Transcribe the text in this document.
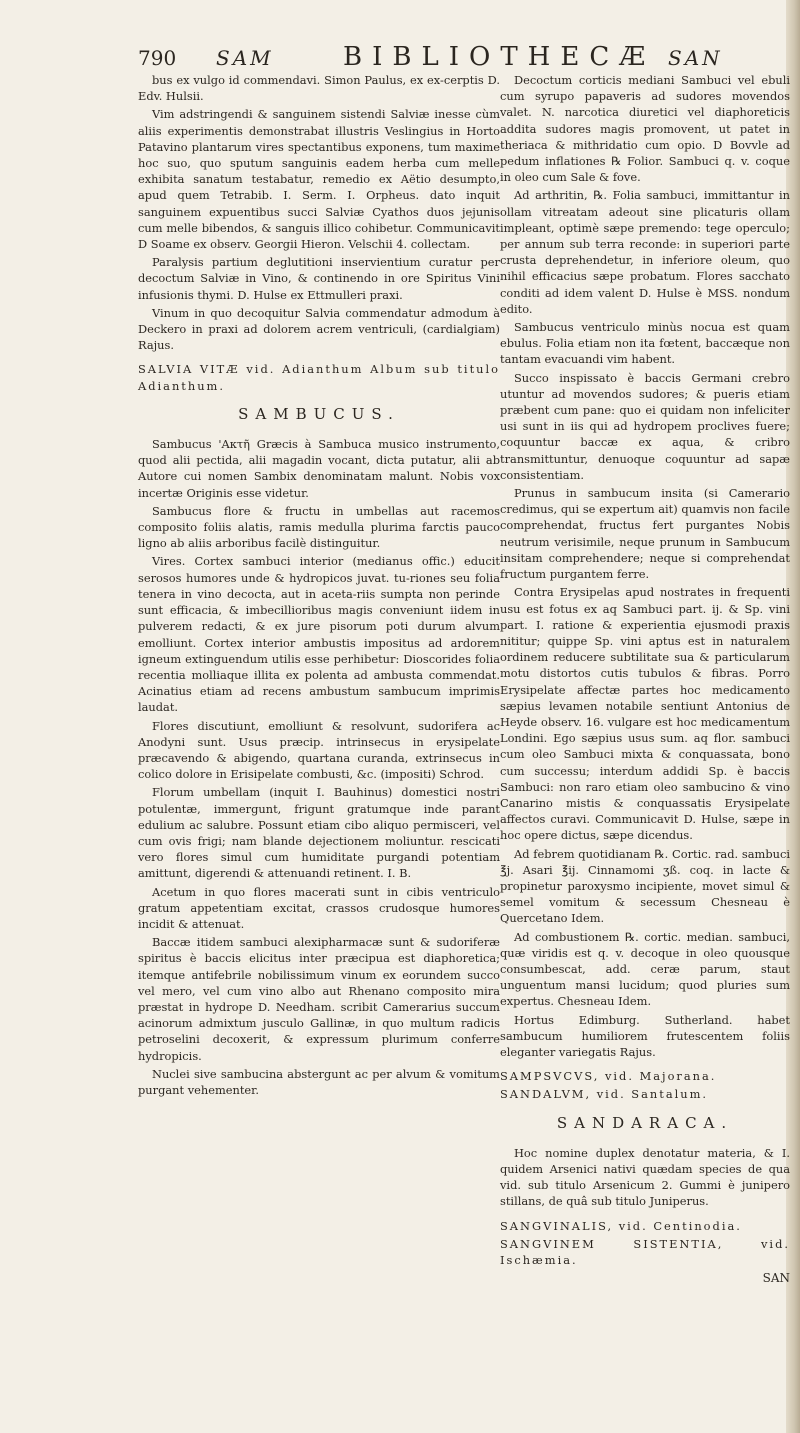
790 SAM	BIBLIOTHECÆ SAN

bus ex vulgo id commendavi. Simon Paulus, ex ex-cerptis D. Edv. Hulsii.

Vim adstringendi & sanguinem sistendi Salviæ inesse cùm aliis experimentis demonstrabat illustris Veslingius in Horto Patavino plantarum vires spectantibus exponens, tum maxime hoc suo, quo sputum sanguinis eadem herba cum melle exhibita sanatum testabatur, remedio ex Aëtio desumpto, apud quem Tetrabib. I. Serm. I. Orpheus. dato inquit sanguinem expuentibus succi Salviæ Cyathos duos jejunis cum melle bibendos, & sanguis illico cohibetur. Communicavit D Soame ex observ. Georgii Hieron. Velschii 4. collectam.

Paralysis partium deglutitioni inservientium curatur per decoctum Salviæ in Vino, & continendo in ore Spiritus Vini infusionis thymi. D. Hulse ex Ettmulleri praxi.

Vinum in quo decoquitur Salvia commendatur admodum à Deckero in praxi ad dolorem acrem ventriculi, (cardialgiam) Rajus.

SALVIA VITÆ vid. Adianthum Album sub titulo Adianthum.

SAMBUCUS.

Sambucus 'Ακτῆ Græcis à Sambuca musico instrumento, quod alii pectida, alii magadin vocant, dicta putatur, alii ab Autore cui nomen Sambix denominatam malunt. Nobis vox incertæ Originis esse videtur.

Sambucus flore & fructu in umbellas aut racemos composito foliis alatis, ramis medulla plurima farctis pauco ligno ab aliis arboribus facilè distinguitur.

Vires. Cortex sambuci interior (medianus offic.) educit serosos humores unde & hydropicos juvat. tu-riones seu folia tenera in vino decocta, aut in aceta-riis sumpta non perinde sunt efficacia, & imbecillioribus magis conveniunt iidem in pulverem redacti, & ex jure pisorum poti durum alvum emolliunt. Cortex interior ambustis impositus ad ardorem igneum extinguendum utilis esse perhibetur: Dioscorides folia recentia molliaque illita ex polenta ad ambusta commendat. Acinatius etiam ad recens ambustum sambucum imprimis laudat.

Flores discutiunt, emolliunt & resolvunt, sudorifera ac Anodyni sunt. Usus præcip. intrinsecus in erysipelate præcavendo & abigendo, quartana curanda, extrinsecus in colico dolore in Erisipelate combusti, &c. (impositi) Schrod.

Florum umbellam (inquit I. Bauhinus) domestici nostri potulentæ, immergunt, frigunt gratumque inde parant edulium ac salubre. Possunt etiam cibo aliquo permisceri, vel cum ovis frigi; nam blande dejectionem moliuntur. rescicati vero flores simul cum humiditate purgandi potentiam amittunt, digerendi & attenuandi retinent. I. B.

Acetum in quo flores macerati sunt in cibis ventriculo gratum appetentiam excitat, crassos crudosque humores incidit & attenuat.

Baccæ itidem sambuci alexipharmacæ sunt & sudoriferæ spiritus è baccis elicitus inter præcipua est diaphoretica; itemque antifebrile nobilissimum vinum ex eorundem succo vel mero, vel cum vino albo aut Rhenano composito mira præstat in hydrope D. Needham. scribit Camerarius succum acinorum admixtum jusculo Gallinæ, in quo multum radicis petroselini decoxerit, & expressum plurimum conferre hydropicis.

Nuclei sive sambucina abstergunt ac per alvum & vomitum purgant vehementer.

Decoctum corticis mediani Sambuci vel ebuli cum syrupo papaveris ad sudores movendos valet. N. narcotica diuretici vel diaphoreticis addita sudores magis promovent, ut patet in theriaca & mithridatio cum opio. D Bovvle ad pedum inflationes ℞ Folior. Sambuci q. v. coque in oleo cum Sale & fove.

Ad arthritin, ℞. Folia sambuci, immittantur in ollam vitreatam adeout sine plicaturis ollam impleant, optimè sæpe premendo: tege operculo; per annum sub terra reconde: in superiori parte crusta deprehendetur, in inferiore oleum, quo nihil efficacius sæpe probatum. Flores sacchato conditi ad idem valent D. Hulse è MSS. nondum edito.

Sambucus ventriculo minùs nocua est quam ebulus. Folia etiam non ita fœtent, baccæque non tantam evacuandi vim habent.

Succo inspissato è baccis Germani crebro utuntur ad movendos sudores; & pueris etiam præbent cum pane: quo ei quidam non infeliciter usi sunt in iis qui ad hydropem proclives fuere; coquuntur baccæ ex aqua, & cribro transmittuntur, denuoque coquuntur ad sapæ consistentiam.

Prunus in sambucum insita (si Camerario credimus, qui se expertum ait) quamvis non facile comprehendat, fructus fert purgantes Nobis neutrum verisimile, neque prunum in Sambucum insitam comprehendere; neque si comprehendat fructum purgantem ferre.

Contra Erysipelas apud nostrates in frequenti usu est fotus ex aq Sambuci part. ij. & Sp. vini part. I. ratione & experientia ejusmodi praxis nititur; quippe Sp. vini aptus est in naturalem ordinem reducere subtilitate sua & particularum motu distortos cutis tubulos & fibras. Porro Erysipelate affectæ partes hoc medicamento sæpius levamen notabile sentiunt Antonius de Heyde observ. 16. vulgare est hoc medicamentum Londini. Ego sæpius usus sum. aq flor. sambuci cum oleo Sambuci mixta & conquassata, bono cum successu; interdum addidi Sp. è baccis Sambuci: non raro etiam oleo sambucino & vino Canarino mistis & conquassatis Erysipelate affectos curavi. Communicavit D. Hulse, sæpe in hoc opere dictus, sæpe dicendus.

Ad febrem quotidianam ℞. Cortic. rad. sambuci ℥j. Asari ℥ij. Cinnamomi ʒß. coq. in lacte & propinetur paroxysmo incipiente, movet simul & semel vomitum & secessum Chesneau è Quercetano Idem.

Ad combustionem ℞. cortic. median. sambuci, quæ viridis est q. v. decoque in oleo quousque consumbescat, add. ceræ parum, staut unguentum mansi lucidum; quod pluries sum expertus. Chesneau Idem.

Hortus Edimburg. Sutherland. habet sambucum humiliorem frutescentem foliis eleganter variegatis Rajus.

SAMPSVCVS, vid. Majorana.

SANDALVM, vid. Santalum.

SANDARACA.

Hoc nomine duplex denotatur materia, & I. quidem Arsenici nativi quædam species de qua vid. sub titulo Arsenicum 2. Gummi è junipero stillans, de quâ sub titulo Juniperus.

SANGVINALIS, vid. Centinodia.

SANGVINEM SISTENTIA, vid. Ischæmia.

SAN
